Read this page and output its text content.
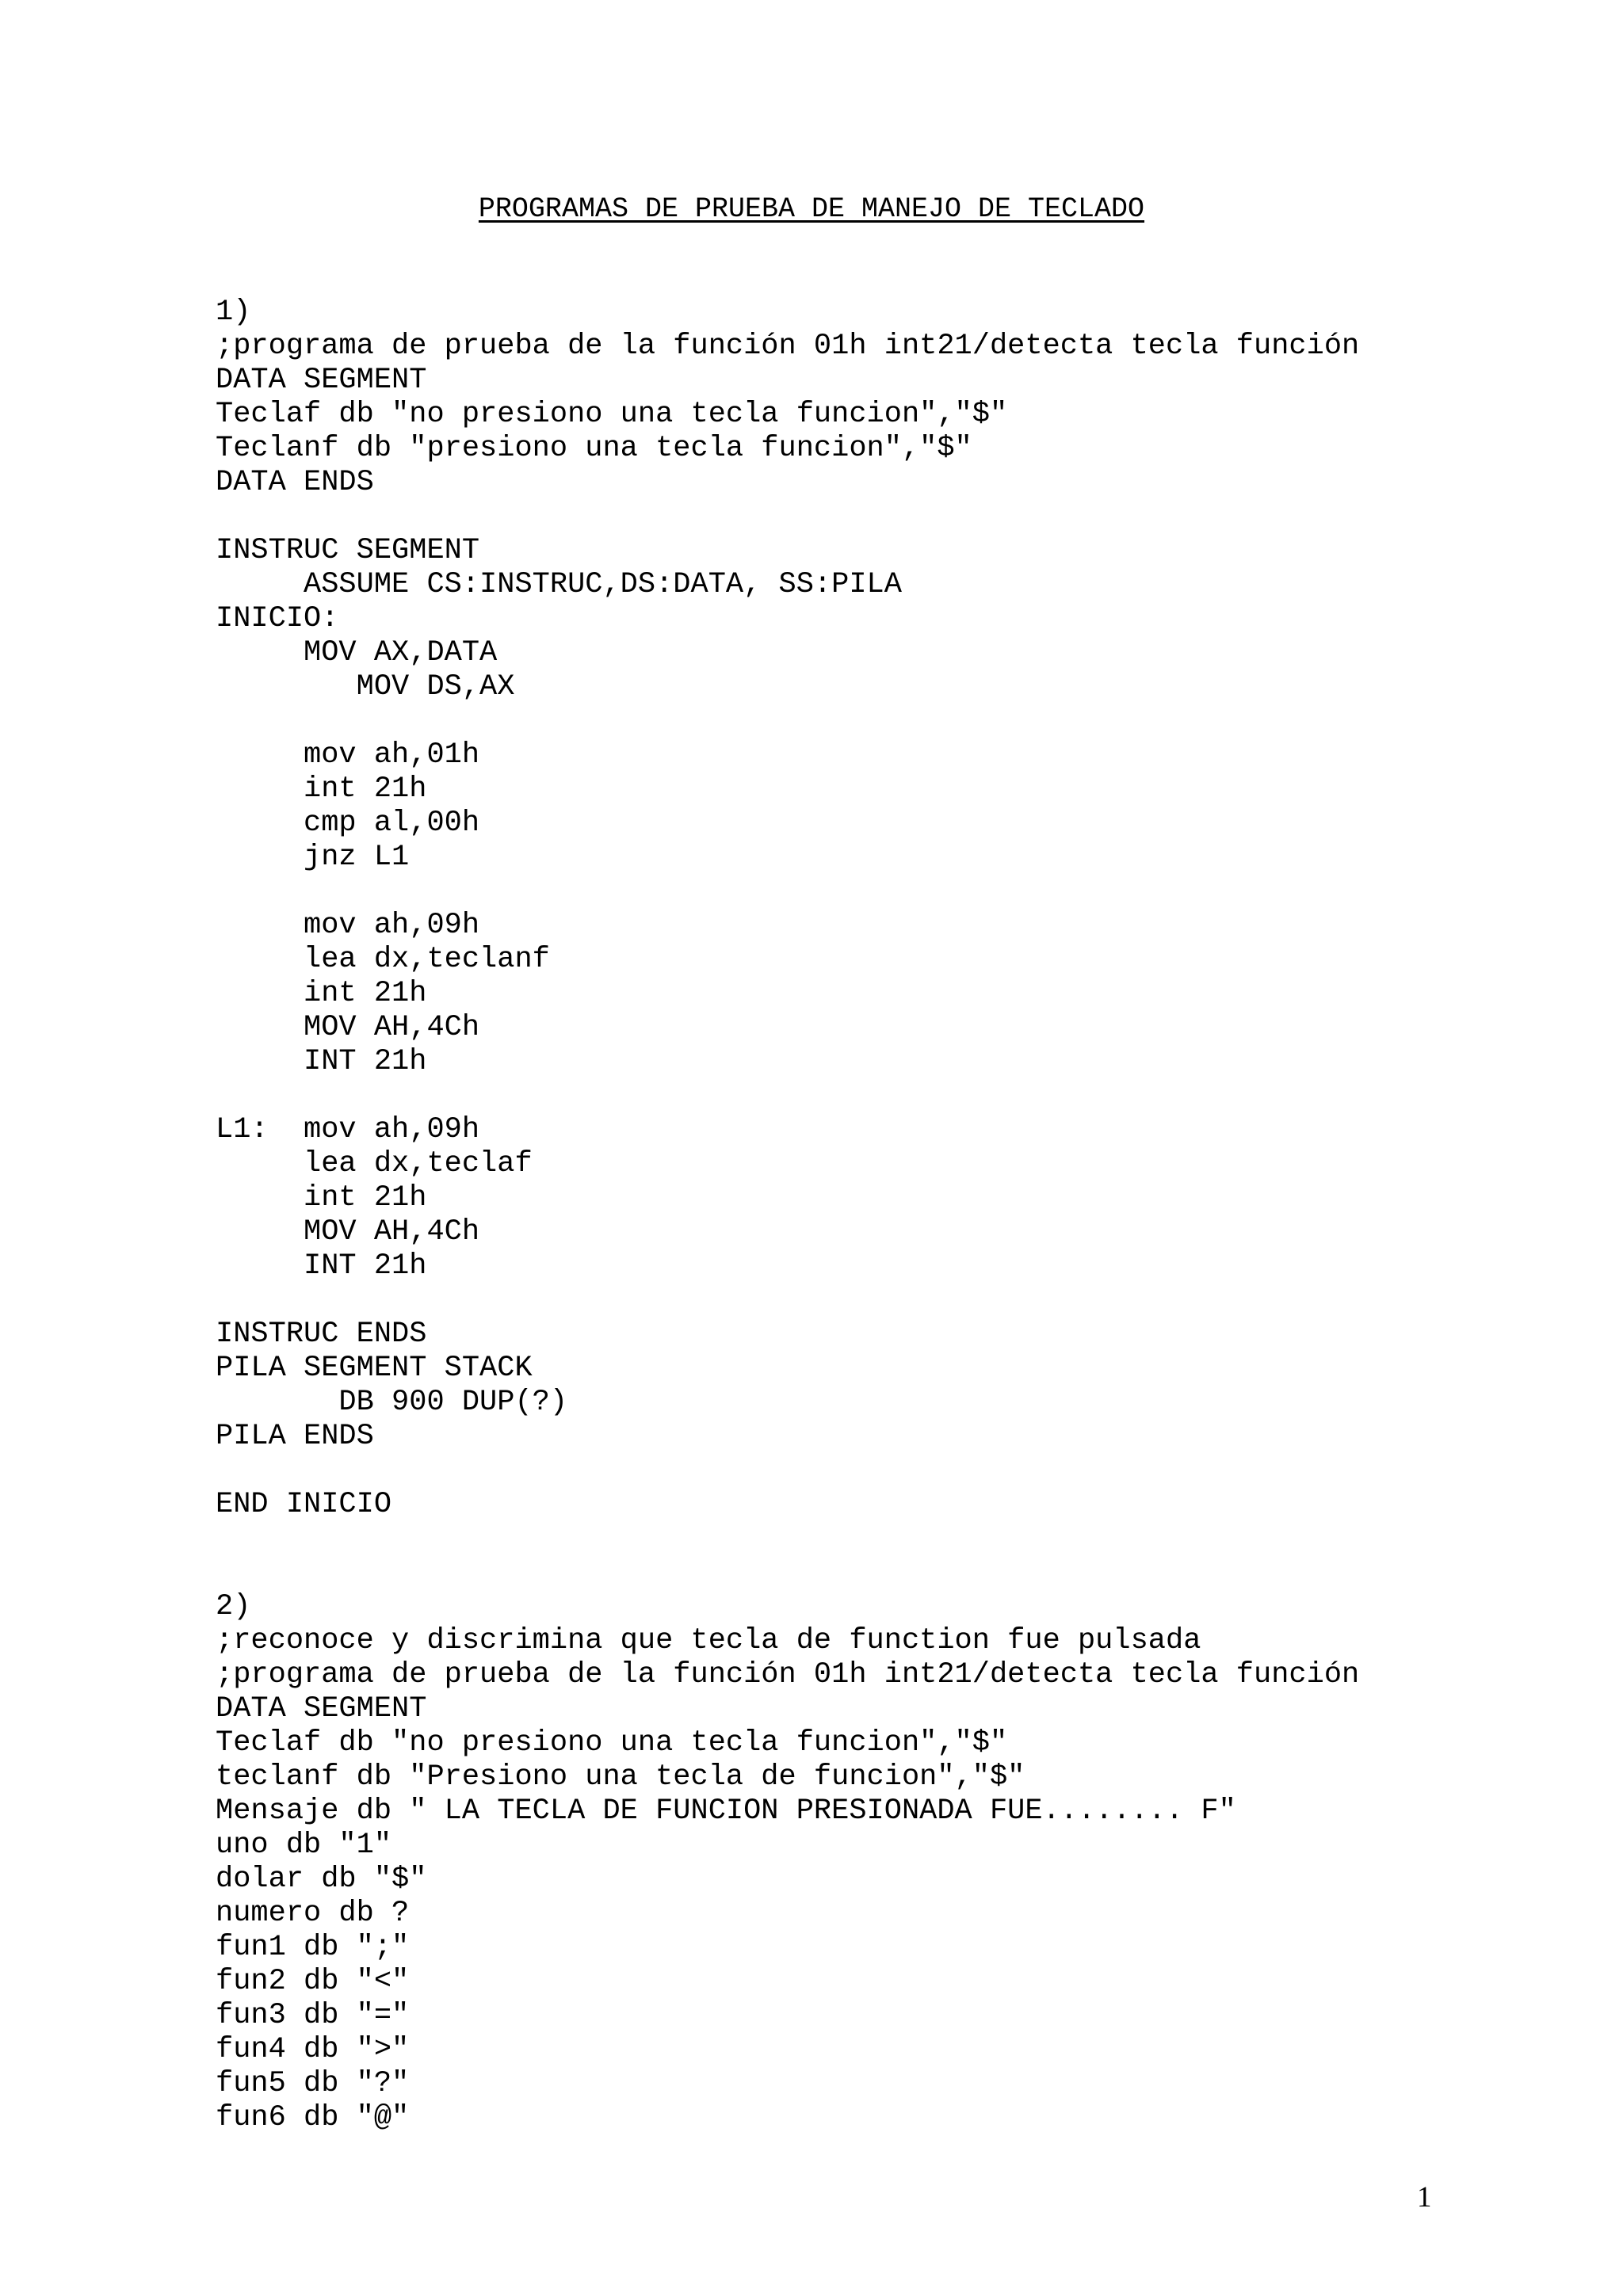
PROGRAMAS DE PRUEBA DE MANEJO DE TECLADO
1)
;programa de prueba de la función 01h int21/detecta tecla función
DATA SEGMENT
Teclaf db "no presiono una tecla funcion","$"
Teclanf db "presiono una tecla funcion","$"
DATA ENDS
INSTRUC SEGMENT
ASSUME CS:INSTRUC,DS:DATA, SS:PILA
INICIO:
MOV AX,DATA
MOV DS,AX
mov ah,01h
int 21h
cmp al,00h
jnz L1
mov ah,09h
lea dx,teclanf
int 21h
MOV AH,4Ch
INT 21h
L1:  mov ah,09h
lea dx,teclaf
int 21h
MOV AH,4Ch
INT 21h
INSTRUC ENDS
PILA SEGMENT STACK
DB 900 DUP(?)
PILA ENDS
END INICIO
2)
;reconoce y discrimina que tecla de function fue pulsada
;programa de prueba de la función 01h int21/detecta tecla función
DATA SEGMENT
Teclaf db "no presiono una tecla funcion","$"
teclanf db "Presiono una tecla de funcion","$"
Mensaje db " LA TECLA DE FUNCION PRESIONADA FUE........ F"
uno db "1"
dolar db "$"
numero db ?
fun1 db ";"
fun2 db "<"
fun3 db "="
fun4 db ">"
fun5 db "?"
fun6 db "@"
1
